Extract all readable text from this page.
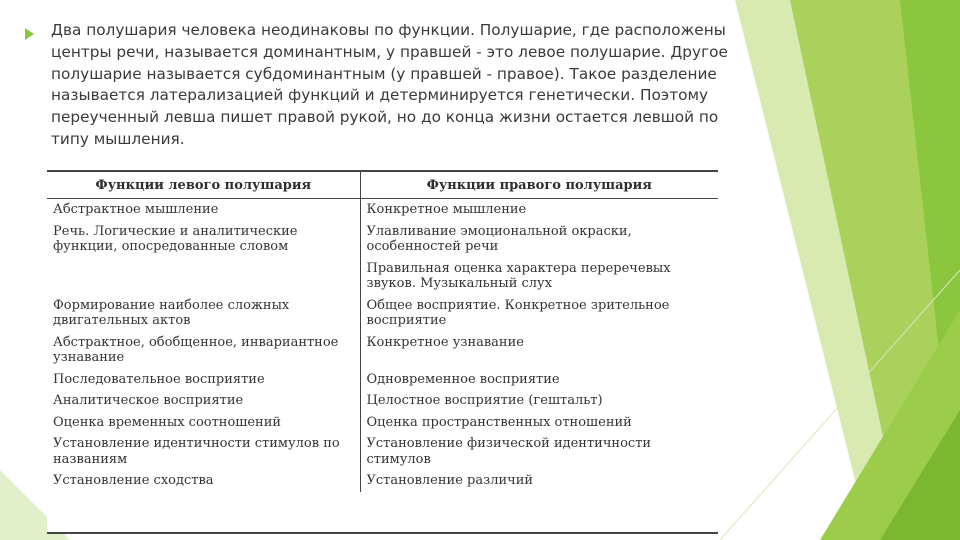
Два полушария человека неодинаковы по функции. Полушарие, где расположены центры речи, называется доминантным, у правшей - это левое полушарие. Другое полушарие называется субдоминантным (у правшей - правое). Такое разделение называется латерализацией функций и детерминируется генетически. Поэтому переученный левша пишет правой рукой, но до конца жизни остается левшой по типу мышления.

Функции левого полушария	Функции правого полушария
Абстрактное мышление	Конкретное мышление
Речь. Логические и аналитические функции, опосредованные словом	Улавливание эмоциональной окраски, особенностей речи
	Правильная оценка характера переречевых звуков. Музыкальный слух
Формирование наиболее сложных двигательных актов	Общее восприятие. Конкретное зрительное восприятие
Абстрактное, обобщенное, инвариантное узнавание	Конкретное узнавание
Последовательное восприятие	Одновременное восприятие
Аналитическое восприятие	Целостное восприятие (гештальт)
Оценка временных соотношений	Оценка пространственных отношений
Установление идентичности стимулов по названиям	Установление физической идентичности стимулов
Установление сходства	Установление различий
